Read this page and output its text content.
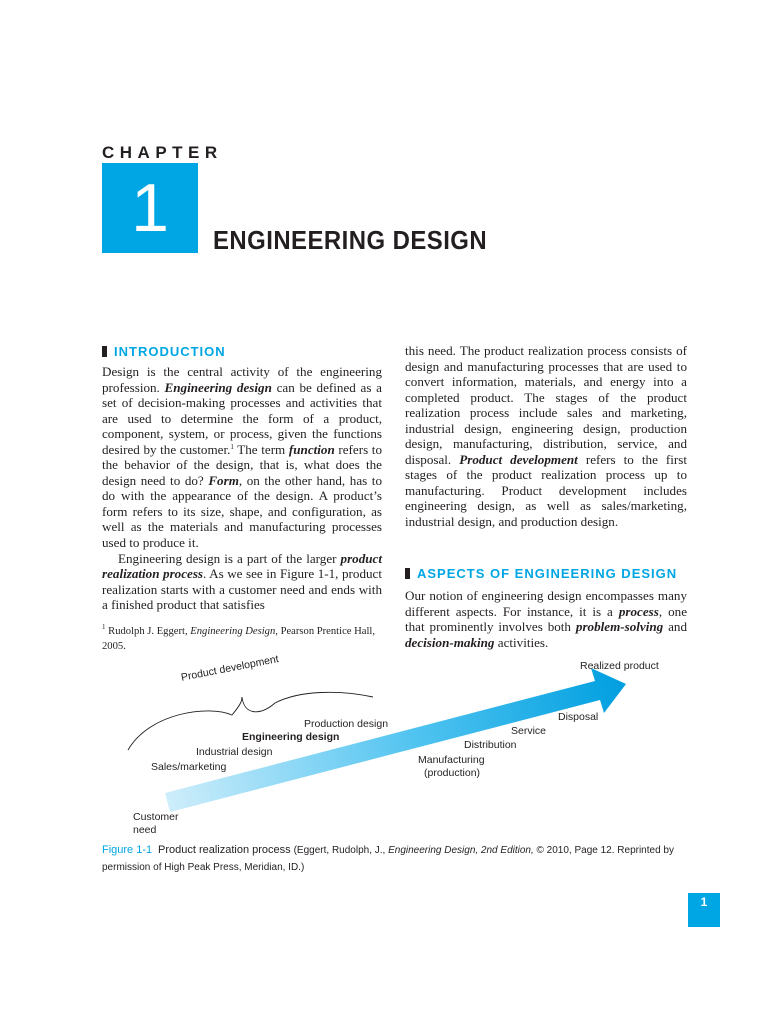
CHAPTER
1	ENGINEERING DESIGN
INTRODUCTION

Design is the central activity of the engineering profession. Engineering design can be defined as a set of decision-making processes and activities that are used to determine the form of a product, component, system, or process, given the functions desired by the customer.$^1$ The term function refers to the behavior of the design, that is, what does the design need to do? Form, on the other hand, has to do with the appearance of the design. A product’s form refers to its size, shape, and configuration, as well as the materials and manufacturing processes used to produce it.

Engineering design is a part of the larger product realization process. As we see in Figure 1-1, product realization starts with a customer need and ends with a finished product that satisfies

$^1$ Rudolph J. Eggert, Engineering Design, Pearson Prentice Hall, 2005.

this need. The product realization process consists of design and manufacturing processes that are used to convert information, materials, and energy into a completed product. The stages of the product realization process include sales and marketing, industrial design, engineering design, production design, manufacturing, distribution, service, and disposal. Product development refers to the first stages of the product realization process up to manufacturing. Product development includes engineering design, as well as sales/marketing, industrial design, and production design.

ASPECTS OF ENGINEERING DESIGN

Our notion of engineering design encompasses many different aspects. For instance, it is a process, one that prominently involves both problem-solving and decision-making activities.

Product development
Production design
Engineering design
Industrial design
Sales/marketing
Customer
need
Manufacturing
(production)
Distribution
Service
Disposal
Realized product
Figure 1-1 Product realization process (Eggert, Rudolph, J., Engineering Design, 2nd Edition, © 2010, Page 12. Reprinted by permission of High Peak Press, Meridian, ID.)
1
